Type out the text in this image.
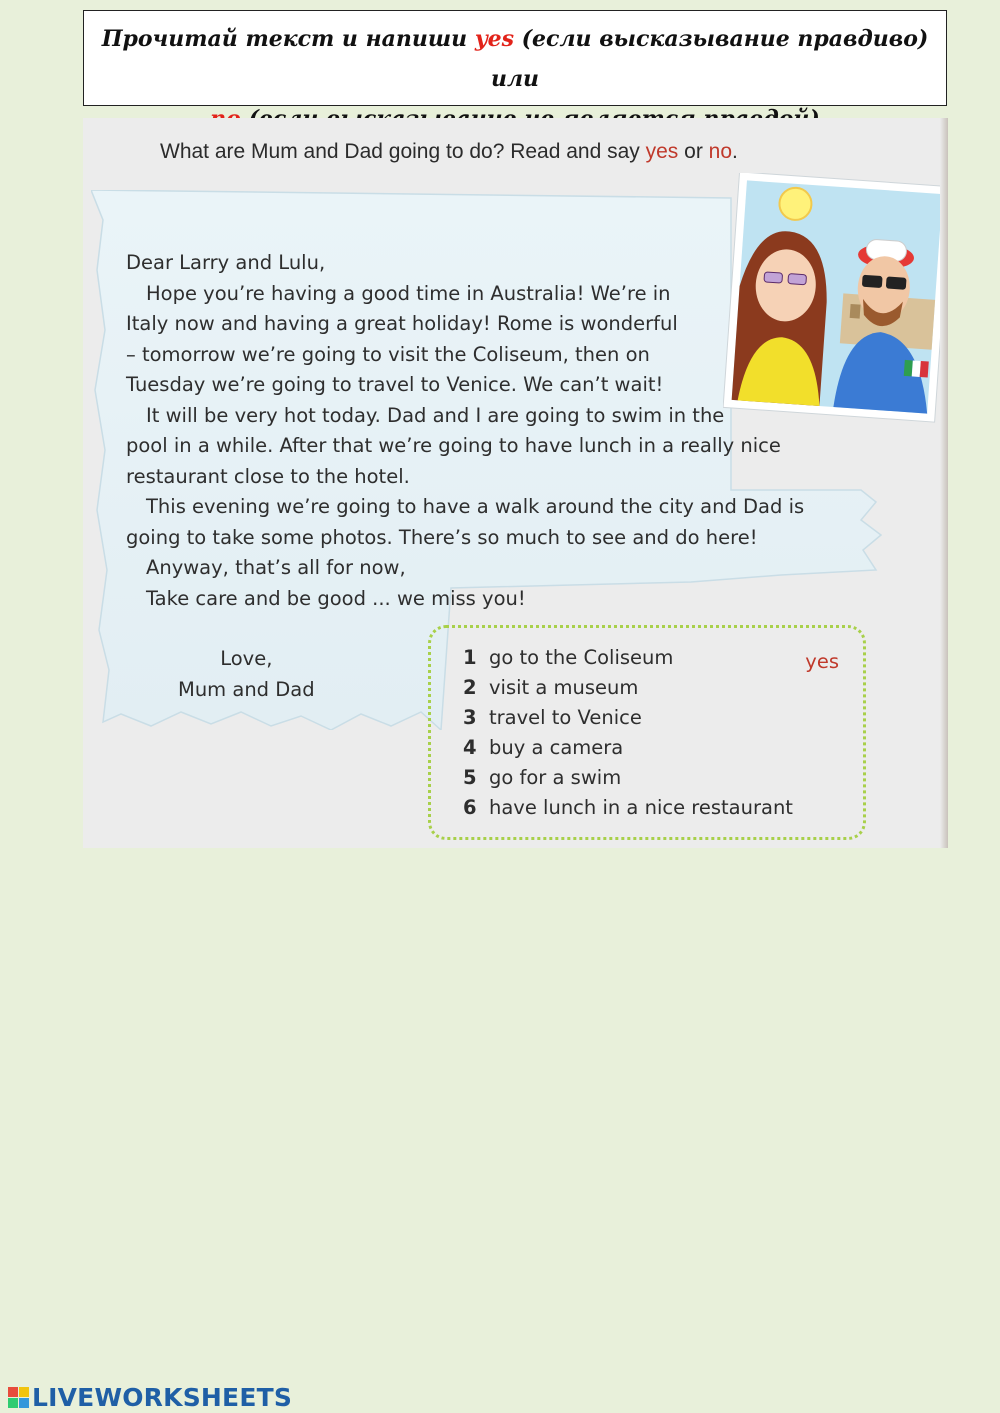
Прочитай текст и напиши yes (если высказывание правдиво) или
What are Mum and Dad going to do? Read and say yes or no.

Dear Larry and Lulu,

Hope you’re having a good time in Australia! We’re in

Italy now and having a great holiday! Rome is wonderful

– tomorrow we’re going to visit the Coliseum, then on

Tuesday we’re going to travel to Venice. We can’t wait!

It will be very hot today. Dad and I are going to swim in the

pool in a while. After that we’re going to have lunch in a really nice

restaurant close to the hotel.

This evening we’re going to have a walk around the city and Dad is

going to take some photos. There’s so much to see and do here!

Anyway, that’s all for now,

Take care and be good ... we miss you!

Love,
Mum and Dad
1 go to the Coliseum
2 visit a museum
3 travel to Venice
4 buy a camera
5 go for a swim
6 have lunch in a nice restaurant
yes
LIVEWORKSHEETS
